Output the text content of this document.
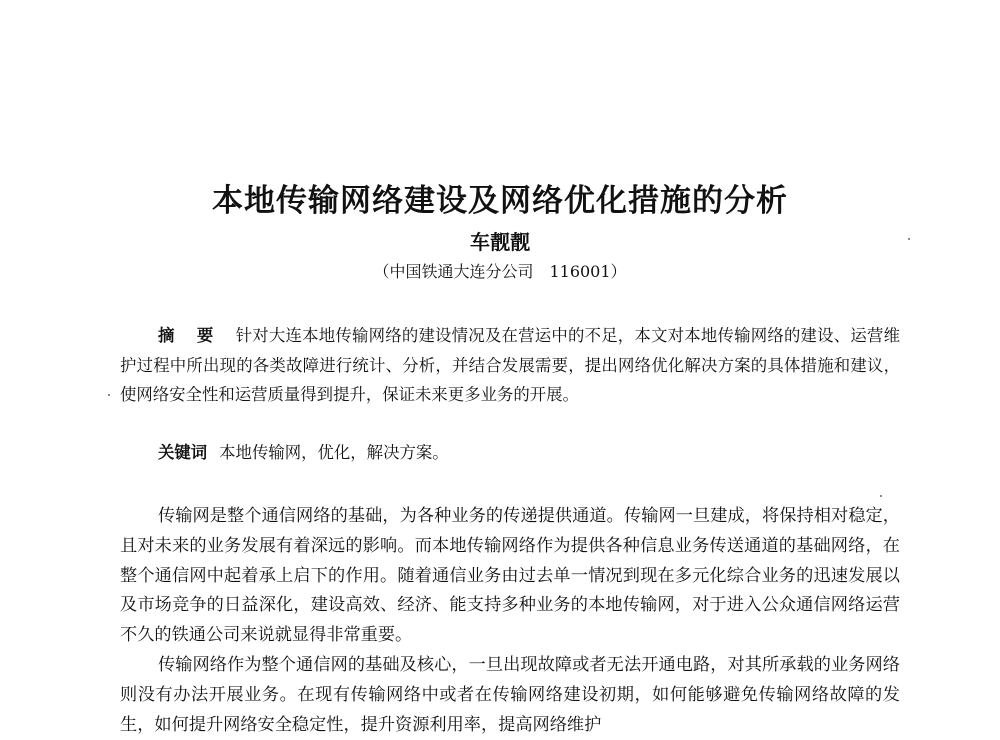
本地传输网络建设及网络优化措施的分析
车靓靓
（中国铁通大连分公司　116001）
摘 要 针对大连本地传输网络的建设情况及在营运中的不足，本文对本地传输网络的建设、运营维护过程中所出现的各类故障进行统计、分析，并结合发展需要，提出网络优化解决方案的具体措施和建议，使网络安全性和运营质量得到提升，保证未来更多业务的开展。
关键词 本地传输网，优化，解决方案。

传输网是整个通信网络的基础，为各种业务的传递提供通道。传输网一旦建成，将保持相对稳定，且对未来的业务发展有着深远的影响。而本地传输网络作为提供各种信息业务传送通道的基础网络，在整个通信网中起着承上启下的作用。随着通信业务由过去单一情况到现在多元化综合业务的迅速发展以及市场竞争的日益深化，建设高效、经济、能支持多种业务的本地传输网，对于进入公众通信网络运营不久的铁通公司来说就显得非常重要。

传输网络作为整个通信网的基础及核心，一旦出现故障或者无法开通电路，对其所承载的业务网络则没有办法开展业务。在现有传输网络中或者在传输网络建设初期，如何能够避免传输网络故障的发生，如何提升网络安全稳定性，提升资源利用率，提高网络维护
